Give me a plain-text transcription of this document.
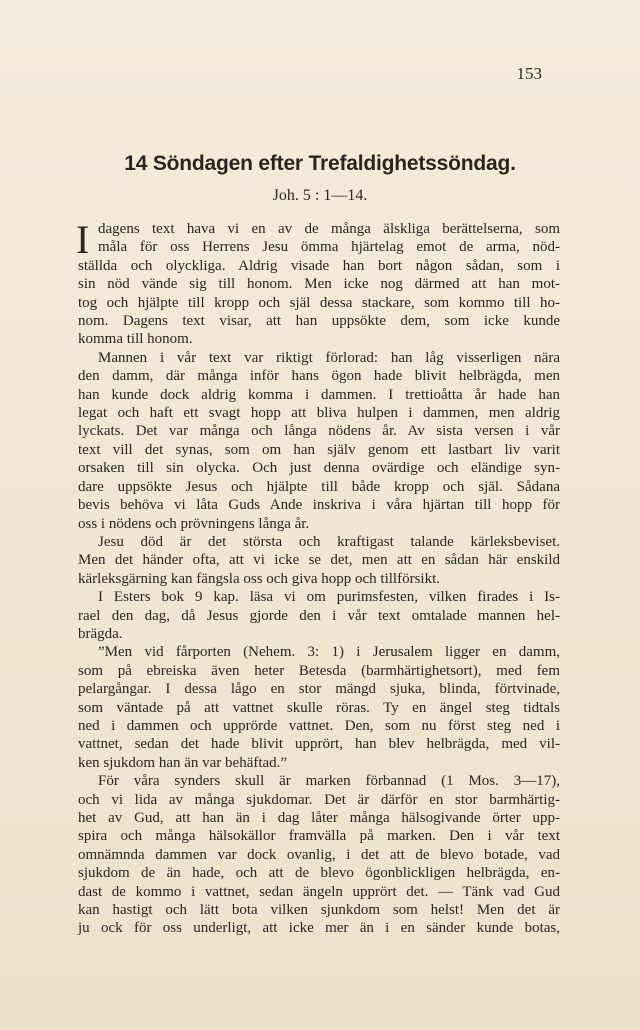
153
14 Söndagen efter Trefaldighetssöndag.
Joh. 5 : 1—14.
I dagens text hava vi en av de många älskliga berättelserna, som
måla för oss Herrens Jesu ömma hjärtelag emot de arma, nöd-
ställda och olyckliga. Aldrig visade han bort någon sådan, som i
sin nöd vände sig till honom. Men icke nog därmed att han mot-
tog och hjälpte till kropp och själ dessa stackare, som kommo till ho-
nom. Dagens text visar, att han uppsökte dem, som icke kunde
komma till honom.
Mannen i vår text var riktigt förlorad: han låg visserligen nära
den damm, där många inför hans ögon hade blivit helbrägda, men
han kunde dock aldrig komma i dammen. I trettioåtta år hade han
legat och haft ett svagt hopp att bliva hulpen i dammen, men aldrig
lyckats. Det var många och långa nödens år. Av sista versen i vår
text vill det synas, som om han själv genom ett lastbart liv varit
orsaken till sin olycka. Och just denna ovärdige och eländige syn-
dare uppsökte Jesus och hjälpte till både kropp och själ. Sådana
bevis behöva vi låta Guds Ande inskriva i våra hjärtan till hopp för
oss i nödens och prövningens långa år.
Jesu död är det största och kraftigast talande kärleksbeviset.
Men det händer ofta, att vi icke se det, men att en sådan här enskild
kärleksgärning kan fängsla oss och giva hopp och tillförsikt.
I Esters bok 9 kap. läsa vi om purimsfesten, vilken firades i Is-
rael den dag, då Jesus gjorde den i vår text omtalade mannen hel-
brägda.
”Men vid fårporten (Nehem. 3: 1) i Jerusalem ligger en damm,
som på ebreiska även heter Betesda (barmhärtighetsort), med fem
pelargångar. I dessa lågo en stor mängd sjuka, blinda, förtvinade,
som väntade på att vattnet skulle röras. Ty en ängel steg tidtals
ned i dammen och upprörde vattnet. Den, som nu först steg ned i
vattnet, sedan det hade blivit upprört, han blev helbrägda, med vil-
ken sjukdom han än var behäftad.”
För våra synders skull är marken förbannad (1 Mos. 3—17),
och vi lida av många sjukdomar. Det är därför en stor barmhärtig-
het av Gud, att han än i dag låter många hälsogivande örter upp-
spira och många hälsokällor framvälla på marken. Den i vår text
omnämnda dammen var dock ovanlig, i det att de blevo botade, vad
sjukdom de än hade, och att de blevo ögonblickligen helbrägda, en-
dast de kommo i vattnet, sedan ängeln upprört det. — Tänk vad Gud
kan hastigt och lätt bota vilken sjunkdom som helst! Men det är
ju ock för oss underligt, att icke mer än i en sänder kunde botas,
